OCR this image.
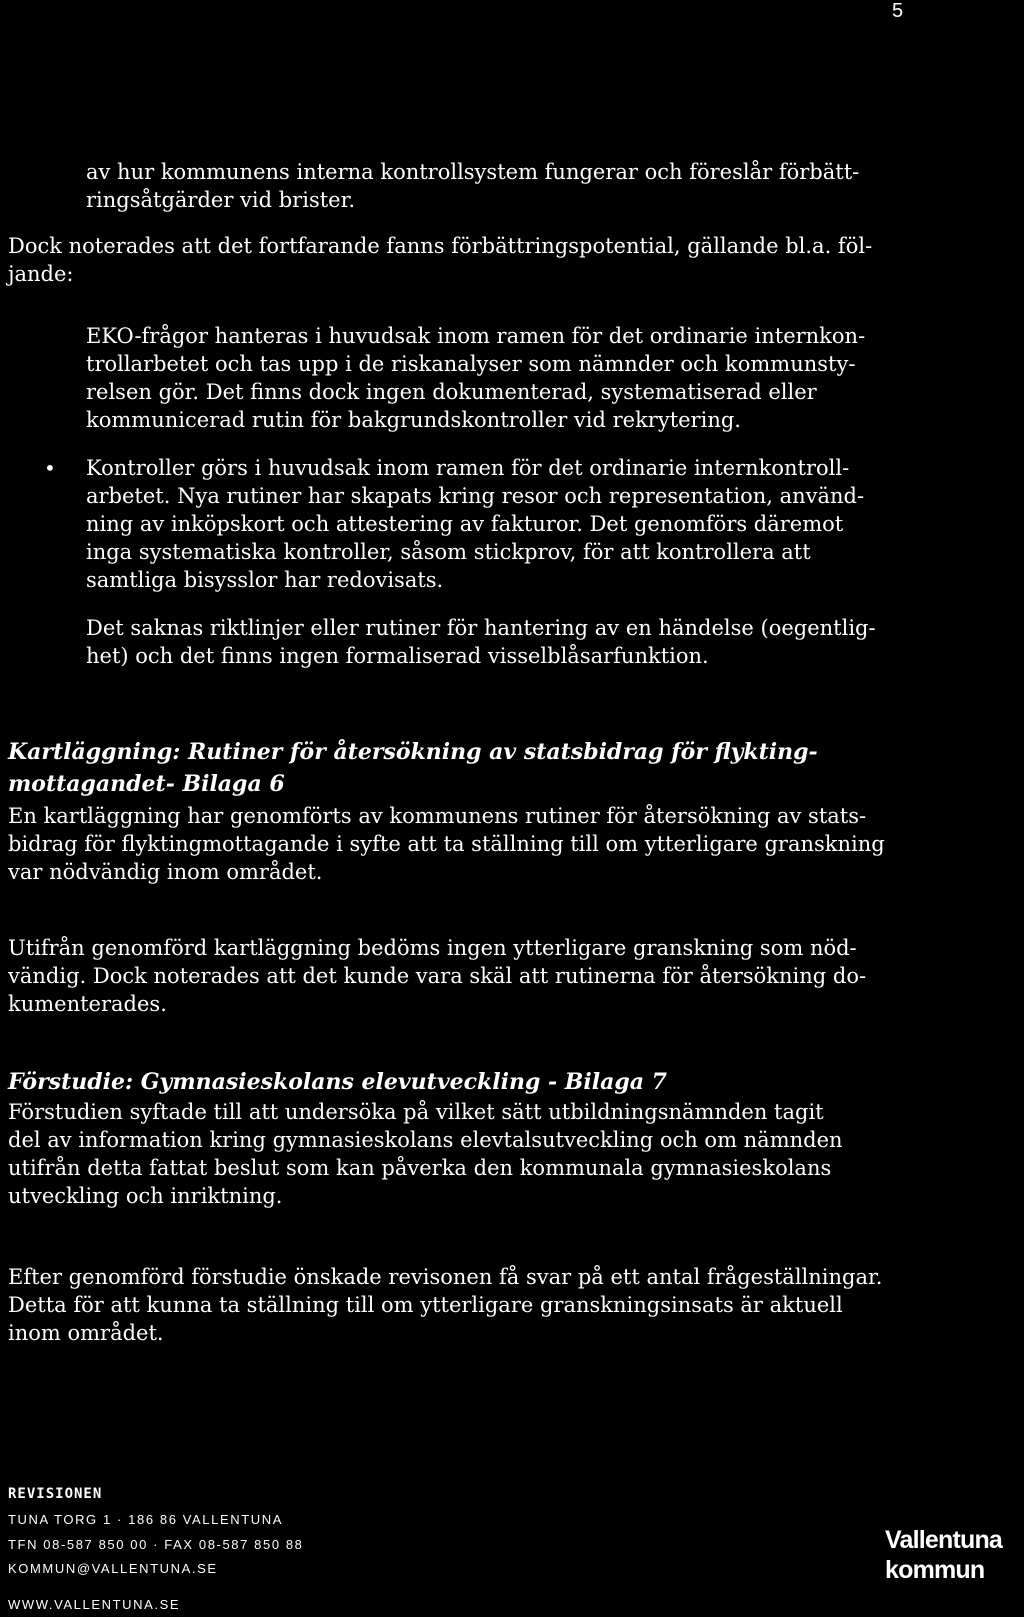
5

av hur kommunens interna kontrollsystem fungerar och föreslår förbätt-
ringsåtgärder vid brister.

Dock noterades att det fortfarande fanns förbättringspotential, gällande bl.a. föl-
jande:

EKO-frågor hanteras i huvudsak inom ramen för det ordinarie internkon-
trollarbetet och tas upp i de riskanalyser som nämnder och kommunsty-
relsen gör. Det finns dock ingen dokumenterad, systematiserad eller
kommunicerad rutin för bakgrundskontroller vid rekrytering.

• Kontroller görs i huvudsak inom ramen för det ordinarie internkontroll-
arbetet. Nya rutiner har skapats kring resor och representation, använd-
ning av inköpskort och attestering av fakturor. Det genomförs däremot
inga systematiska kontroller, såsom stickprov, för att kontrollera att
samtliga bisysslor har redovisats.

Det saknas riktlinjer eller rutiner för hantering av en händelse (oegentlig-
het) och det finns ingen formaliserad visselblåsarfunktion.

Kartläggning: Rutiner för återsökning av statsbidrag för flykting-
mottagandet- Bilaga 6

En kartläggning har genomförts av kommunens rutiner för återsökning av stats-
bidrag för flyktingmottagande i syfte att ta ställning till om ytterligare granskning
var nödvändig inom området.

Utifrån genomförd kartläggning bedöms ingen ytterligare granskning som nöd-
vändig. Dock noterades att det kunde vara skäl att rutinerna för återsökning do-
kumenterades.

Förstudie: Gymnasieskolans elevutveckling - Bilaga 7

Förstudien syftade till att undersöka på vilket sätt utbildningsnämnden tagit
del av information kring gymnasieskolans elevtalsutveckling och om nämnden
utifrån detta fattat beslut som kan påverka den kommunala gymnasieskolans
utveckling och inriktning.

Efter genomförd förstudie önskade revisonen få svar på ett antal frågeställningar.
Detta för att kunna ta ställning till om ytterligare granskningsinsats är aktuell
inom området.

REVISIONEN
TUNA TORG 1 · 186 86 VALLENTUNA
TFN 08-587 850 00 · FAX 08-587 850 88
KOMMUN@VALLENTUNA.SE
WWW.VALLENTUNA.SE
Vallentuna
kommun
